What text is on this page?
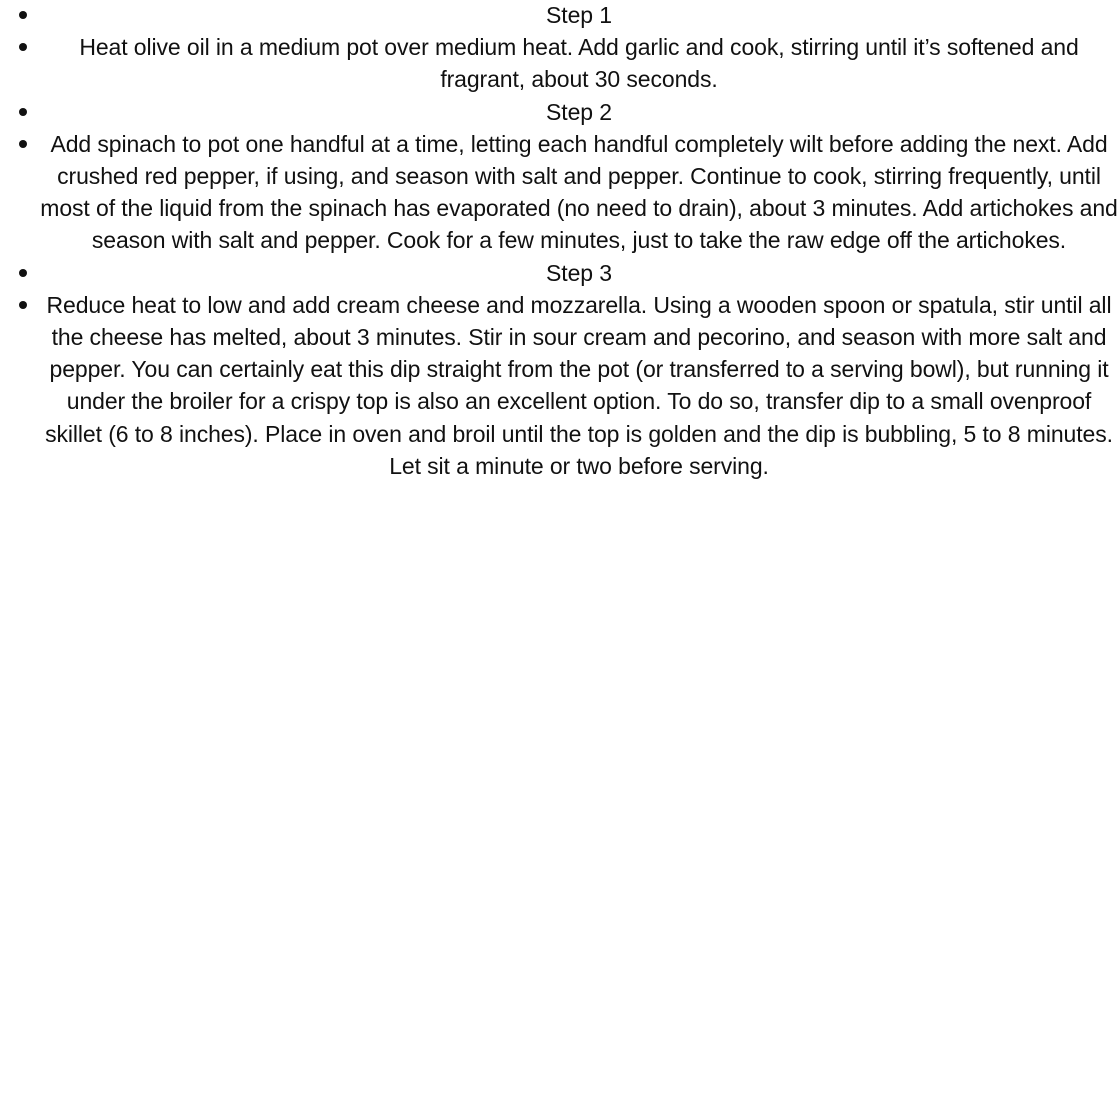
Step 1
Heat olive oil in a medium pot over medium heat. Add garlic and cook, stirring until it’s softened and fragrant, about 30 seconds.
Step 2
Add spinach to pot one handful at a time, letting each handful completely wilt before adding the next. Add crushed red pepper, if using, and season with salt and pepper. Continue to cook, stirring frequently, until most of the liquid from the spinach has evaporated (no need to drain), about 3 minutes. Add artichokes and season with salt and pepper. Cook for a few minutes, just to take the raw edge off the artichokes.
Step 3
Reduce heat to low and add cream cheese and mozzarella. Using a wooden spoon or spatula, stir until all the cheese has melted, about 3 minutes. Stir in sour cream and pecorino, and season with more salt and pepper. You can certainly eat this dip straight from the pot (or transferred to a serving bowl), but running it under the broiler for a crispy top is also an excellent option. To do so, transfer dip to a small ovenproof skillet (6 to 8 inches). Place in oven and broil until the top is golden and the dip is bubbling, 5 to 8 minutes. Let sit a minute or two before serving.
